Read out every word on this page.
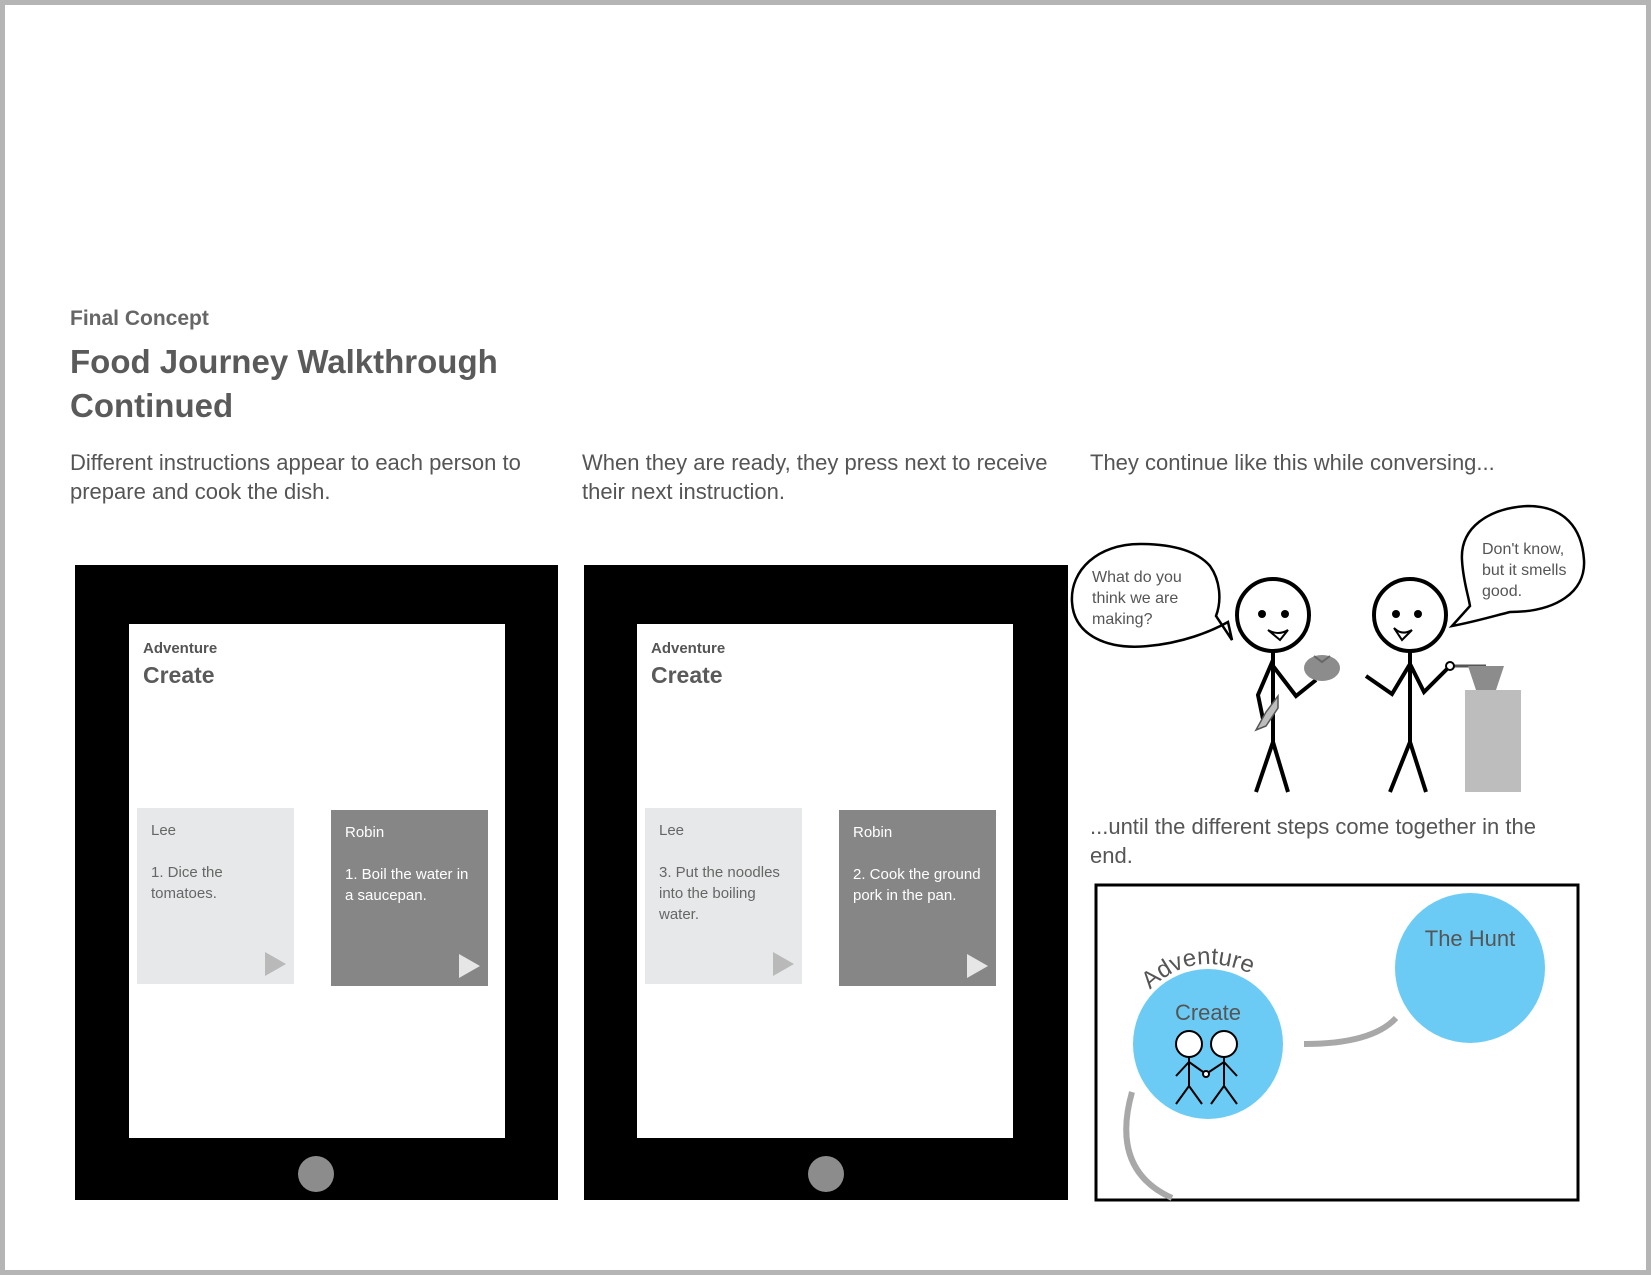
Final Concept
Food Journey Walkthrough Continued
Different instructions appear to each person to prepare and cook the dish.
When they are ready, they press next to receive their next instruction.
They continue like this while conversing...
...until the different steps come together in the end.
Adventure
Create
Lee
1. Dice the tomatoes.
Robin
1. Boil the water in a saucepan.
Adventure
Create
Lee
3. Put the noodles into the boiling water.
Robin
2. Cook the ground pork in the pan.
What do you think we are making?
Don't know, but it smells good.
Adventure
Create
The Hunt
